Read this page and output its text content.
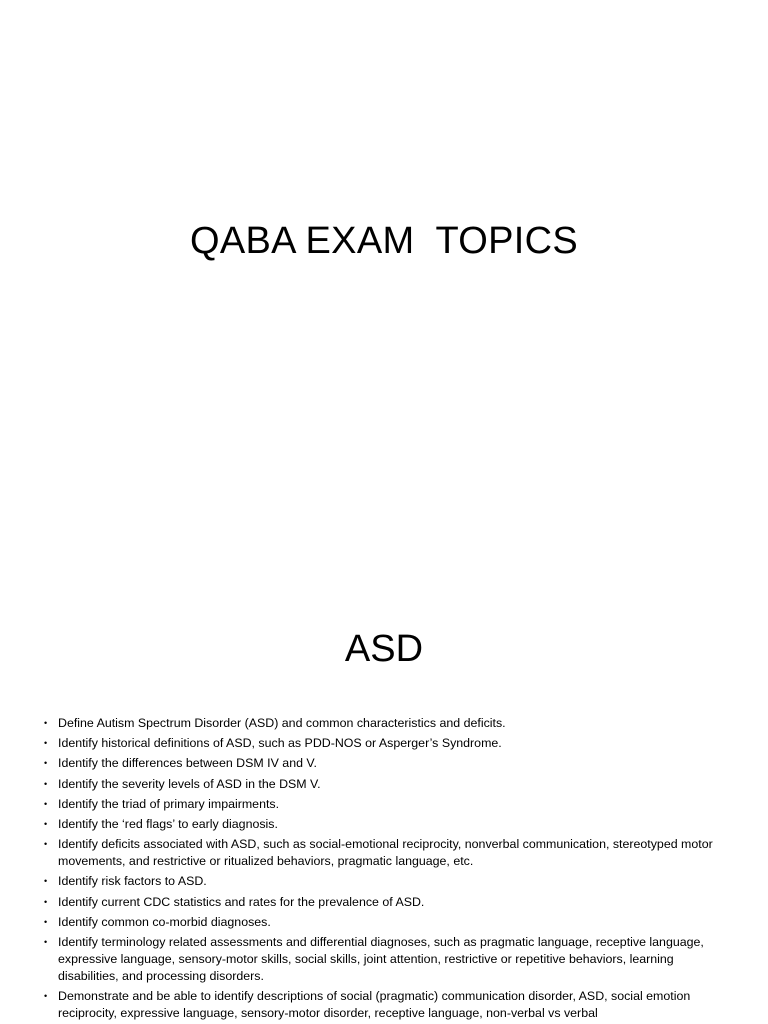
QABA EXAM  TOPICS
ASD
• Define Autism Spectrum Disorder (ASD) and common characteristics and deficits.
• Identify historical definitions of ASD, such as PDD-NOS or Asperger’s Syndrome.
• Identify the differences between DSM IV and V.
• Identify the severity levels of ASD in the DSM V.
• Identify the triad of primary impairments.
• Identify the ‘red flags’ to early diagnosis.
• Identify deficits associated with ASD, such as social-emotional reciprocity, nonverbal communication, stereotyped motor movements, and restrictive or ritualized behaviors, pragmatic language, etc.
• Identify risk factors to ASD.
• Identify current CDC statistics and rates for the prevalence of ASD.
• Identify common co-morbid diagnoses.
• Identify terminology related assessments and differential diagnoses, such as pragmatic language, receptive language, expressive language, sensory-motor skills, social skills, joint attention, restrictive or repetitive behaviors, learning disabilities, and processing disorders.
• Demonstrate and be able to identify descriptions of social (pragmatic) communication disorder, ASD, social emotion reciprocity, expressive language, sensory-motor disorder, receptive language, non-verbal vs verbal
